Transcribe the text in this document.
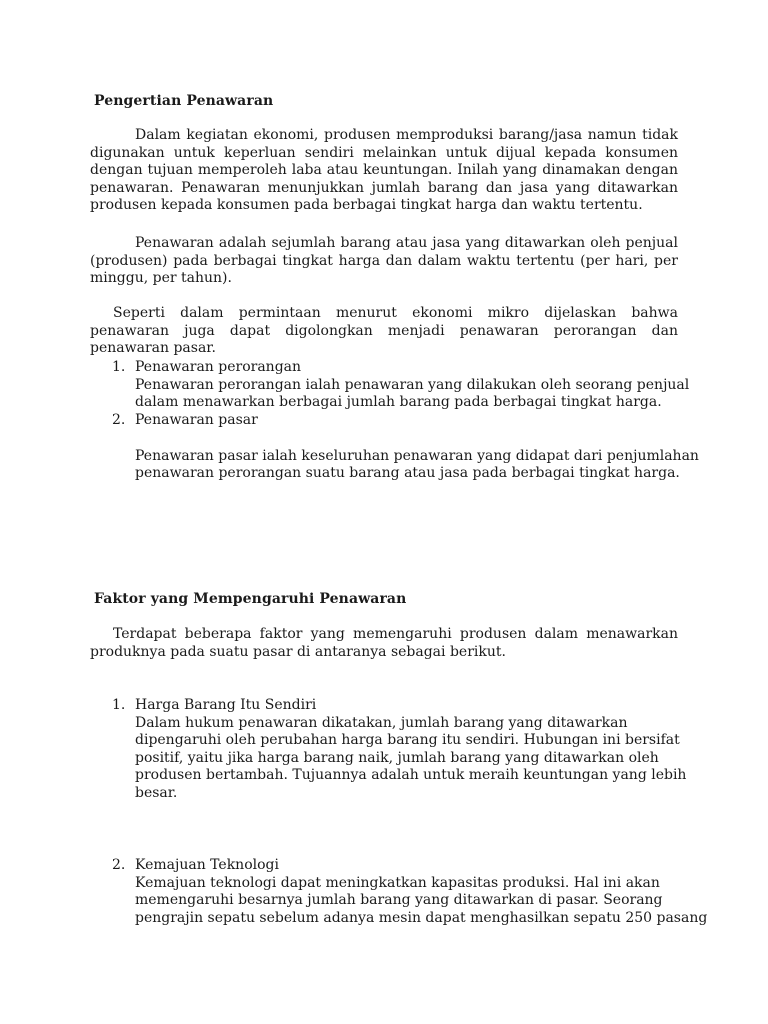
Pengertian Penawaran

Dalam kegiatan ekonomi, produsen memproduksi barang/jasa namun tidak digunakan untuk keperluan sendiri melainkan untuk dijual kepada konsumen dengan tujuan memperoleh laba atau keuntungan. Inilah yang dinamakan dengan penawaran. Penawaran menunjukkan jumlah barang dan jasa yang ditawarkan produsen kepada konsumen pada berbagai tingkat harga dan waktu tertentu.

Penawaran adalah sejumlah barang atau jasa yang ditawarkan oleh penjual (produsen) pada berbagai tingkat harga dan dalam waktu tertentu (per hari, per minggu, per tahun).

Seperti dalam permintaan menurut ekonomi mikro dijelaskan bahwa penawaran juga dapat digolongkan menjadi penawaran perorangan dan penawaran pasar.

1. Penawaran perorangan
Penawaran perorangan ialah penawaran yang dilakukan oleh seorang penjual
dalam menawarkan berbagai jumlah barang pada berbagai tingkat harga.
2. Penawaran pasar
Penawaran pasar ialah keseluruhan penawaran yang didapat dari penjumlahan
penawaran perorangan suatu barang atau jasa pada berbagai tingkat harga.
Faktor yang Mempengaruhi Penawaran

Terdapat beberapa faktor yang memengaruhi produsen dalam menawarkan produknya pada suatu pasar di antaranya sebagai berikut.

1. Harga Barang Itu Sendiri
Dalam hukum penawaran dikatakan, jumlah barang yang ditawarkan
dipengaruhi oleh perubahan harga barang itu sendiri. Hubungan ini bersifat
positif, yaitu jika harga barang naik, jumlah barang yang ditawarkan oleh
produsen bertambah. Tujuannya adalah untuk meraih keuntungan yang lebih
besar.
2. Kemajuan Teknologi
Kemajuan teknologi dapat meningkatkan kapasitas produksi. Hal ini akan
memengaruhi besarnya jumlah barang yang ditawarkan di pasar. Seorang
pengrajin sepatu sebelum adanya mesin dapat menghasilkan sepatu 250 pasang
